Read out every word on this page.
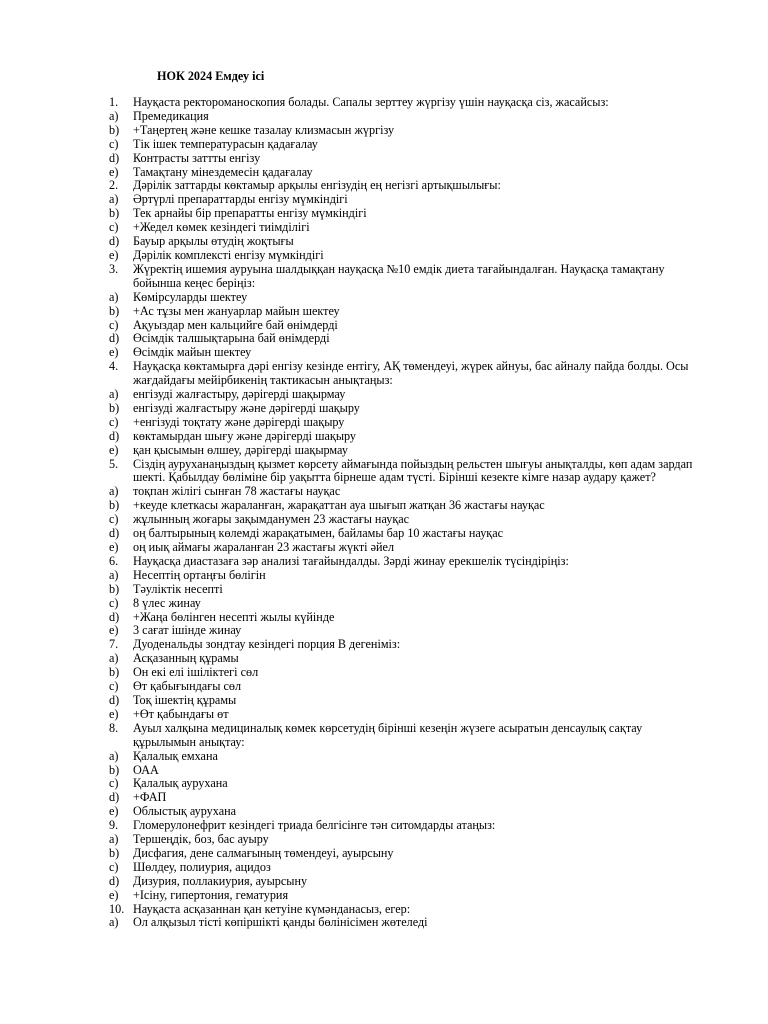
НОК 2024 Емдеу ісі
1. Науқаста ректороманоскопия болады. Сапалы зерттеу жүргізу үшін науқасқа сіз, жасайсыз:
a) Премедикация
b) +Таңертең және кешке тазалау клизмасын жүргізу
c) Тік ішек температурасын қадағалау
d) Контрасты заттты енгізу
e) Тамақтану мінездемесін қадағалау
2. Дәрілік заттарды көктамыр арқылы енгізудің ең негізгі артықшылығы:
a) Әртүрлі препараттарды енгізу мүмкіндігі
b) Тек арнайы бір препаратты енгізу мүмкіндігі
c) +Жедел көмек кезіндегі тиімділігі
d) Бауыр арқылы өтудің жоқтығы
e) Дәрілік комплексті енгізу мүмкіндігі
3. Жүректің ишемия ауруына шалдыққан науқасқа №10 емдік диета тағайындалған. Науқасқа тамақтану бойынша кеңес беріңіз:
a) Көмірсуларды шектеу
b) +Ас тұзы мен жануарлар майын шектеу
c) Ақуыздар мен кальцийге бай өнімдерді
d) Өсімдік талшықтарына бай өнімдерді
e) Өсімдік майын шектеу
4. Науқасқа көктамырға дәрі енгізу кезінде ентігу, АҚ төмендеуі, жүрек айнуы, бас айналу пайда болды. Осы жағдайдағы мейірбикенің тактикасын анықтаңыз:
a) енгізуді жалғастыру, дәрігерді шақырмау
b) енгізуді жалғастыру және дәрігерді шақыру
c) +енгізуді тоқтату және дәрігерді шақыру
d) көктамырдан шығу және дәрігерді шақыру
e) қан қысымын өлшеу, дәрігерді шақырмау
5. Сіздің ауруханаңыздың қызмет көрсету аймағында пойыздың рельстен шығуы анықталды, көп адам зардап шекті. Қабылдау бөліміне бір уақытта бірнеше адам түсті. Бірінші кезекте кімге назар аудару қажет?
a) тоқпан жілігі сынған 78 жастағы науқас
b) +кеуде клеткасы жараланған, жарақаттан ауа шығып жатқан 36 жастағы науқас
c) жұлынның жоғары зақымданумен 23 жастағы науқас
d) оң балтырының көлемді жарақатымен, байламы бар 10 жастағы науқас
e) оң иық аймағы жараланған 23 жастағы жүкті әйел
6. Науқасқа диастазаға зәр анализі тағайындалды. Зәрді жинау ерекшелік түсіндіріңіз:
a) Несептің ортаңғы бөлігін
b) Тәуліктік несепті
c) 8 үлес жинау
d) +Жаңа бөлінген несепті жылы күйінде
e) 3 сағат ішінде жинау
7. Дуоденальды зондтау кезіндегі порция В дегеніміз:
a) Асқазанның құрамы
b) Он екі елі ішіліктегі сөл
c) Өт қабығындағы сөл
d) Тоқ ішектің құрамы
e) +Өт қабындағы өт
8. Ауыл халқына медициналық көмек көрсетудің бірінші кезеңін жүзеге асыратын денсаулық сақтау құрылымын анықтау:
a) Қалалық емхана
b) ОАА
c) Қалалық аурухана
d) +ФАП
e) Облыстық аурухана
9. Гломерулонефрит кезіндегі триада белгісінге тән ситомдарды атаңыз:
a) Тершеңдік, боз, бас ауыру
b) Дисфагия, дене салмағының төмендеуі, ауырсыну
c) Шөлдеу, полиурия, ацидоз
d) Дизурия, поллакиурия, ауырсыну
e) +Ісіну, гипертония, гематурия
10. Науқаста асқазаннан қан кетуіне күмәнданасыз, егер:
a) Ол алқызыл тісті көпіршікті қанды бөлінісімен жөтеледі
